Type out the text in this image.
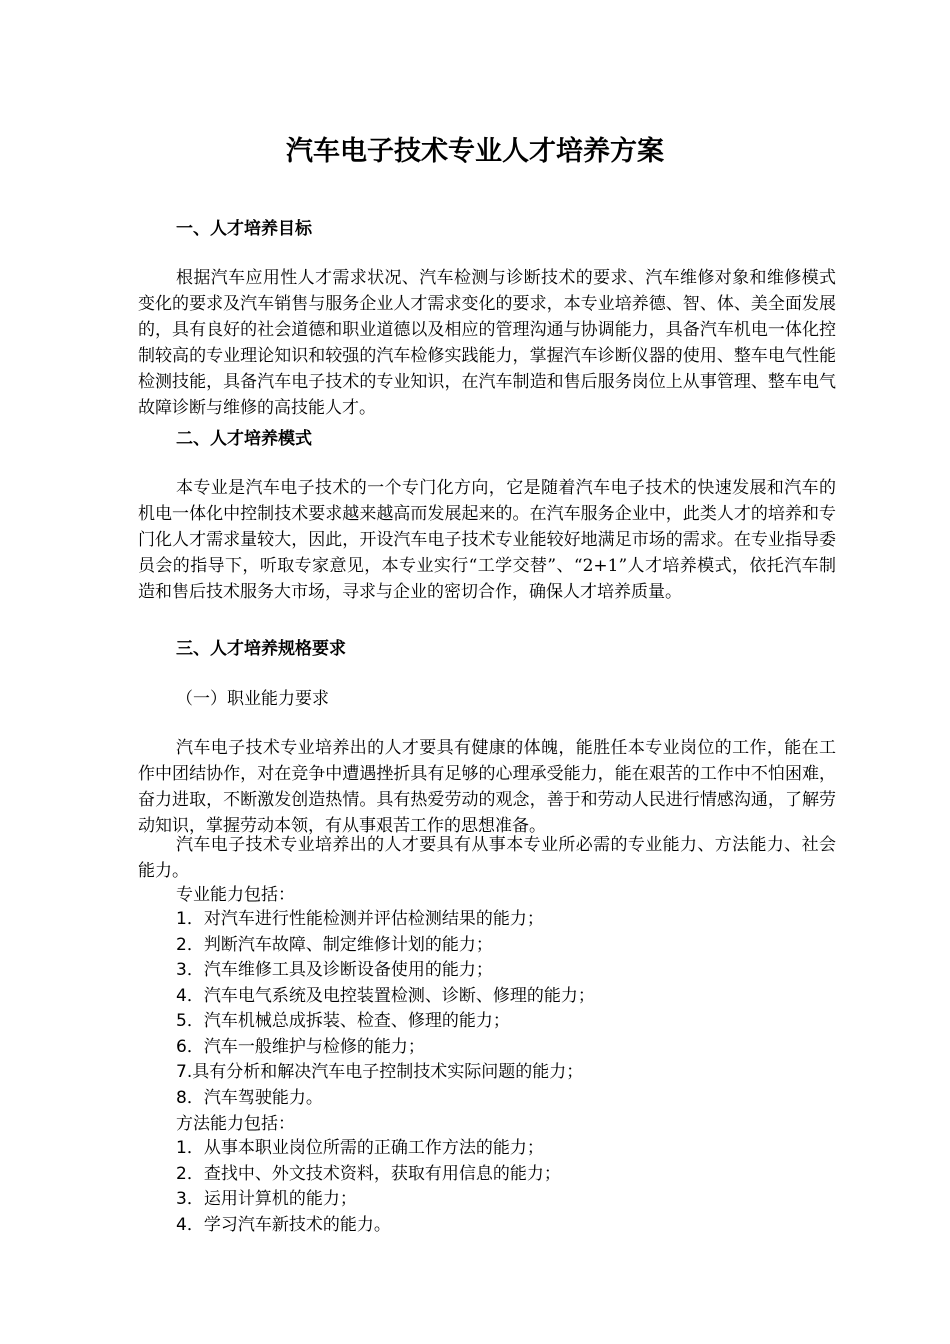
汽车电子技术专业人才培养方案
一、人才培养目标

根据汽车应用性人才需求状况、汽车检测与诊断技术的要求、汽车维修对象和维修模式变化的要求及汽车销售与服务企业人才需求变化的要求，本专业培养德、智、体、美全面发展的，具有良好的社会道德和职业道德以及相应的管理沟通与协调能力，具备汽车机电一体化控制较高的专业理论知识和较强的汽车检修实践能力，掌握汽车诊断仪器的使用、整车电气性能检测技能，具备汽车电子技术的专业知识，在汽车制造和售后服务岗位上从事管理、整车电气故障诊断与维修的高技能人才。

二、人才培养模式

本专业是汽车电子技术的一个专门化方向，它是随着汽车电子技术的快速发展和汽车的机电一体化中控制技术要求越来越高而发展起来的。在汽车服务企业中，此类人才的培养和专门化人才需求量较大，因此，开设汽车电子技术专业能较好地满足市场的需求。在专业指导委员会的指导下，听取专家意见，本专业实行“工学交替”、“2+1”人才培养模式，依托汽车制造和售后技术服务大市场，寻求与企业的密切合作，确保人才培养质量。

三、人才培养规格要求

（一）职业能力要求

汽车电子技术专业培养出的人才要具有健康的体魄，能胜任本专业岗位的工作，能在工作中团结协作，对在竞争中遭遇挫折具有足够的心理承受能力，能在艰苦的工作中不怕困难，奋力进取，不断激发创造热情。具有热爱劳动的观念，善于和劳动人民进行情感沟通，了解劳动知识，掌握劳动本领，有从事艰苦工作的思想准备。

汽车电子技术专业培养出的人才要具有从事本专业所必需的专业能力、方法能力、社会能力。

专业能力包括：

1．对汽车进行性能检测并评估检测结果的能力；
2．判断汽车故障、制定维修计划的能力；
3．汽车维修工具及诊断设备使用的能力；
4．汽车电气系统及电控装置检测、诊断、修理的能力；
5．汽车机械总成拆装、检查、修理的能力；
6．汽车一般维护与检修的能力；
7.具有分析和解决汽车电子控制技术实际问题的能力；
8．汽车驾驶能力。

方法能力包括：

1．从事本职业岗位所需的正确工作方法的能力；
2．查找中、外文技术资料，获取有用信息的能力；
3．运用计算机的能力；
4．学习汽车新技术的能力。
